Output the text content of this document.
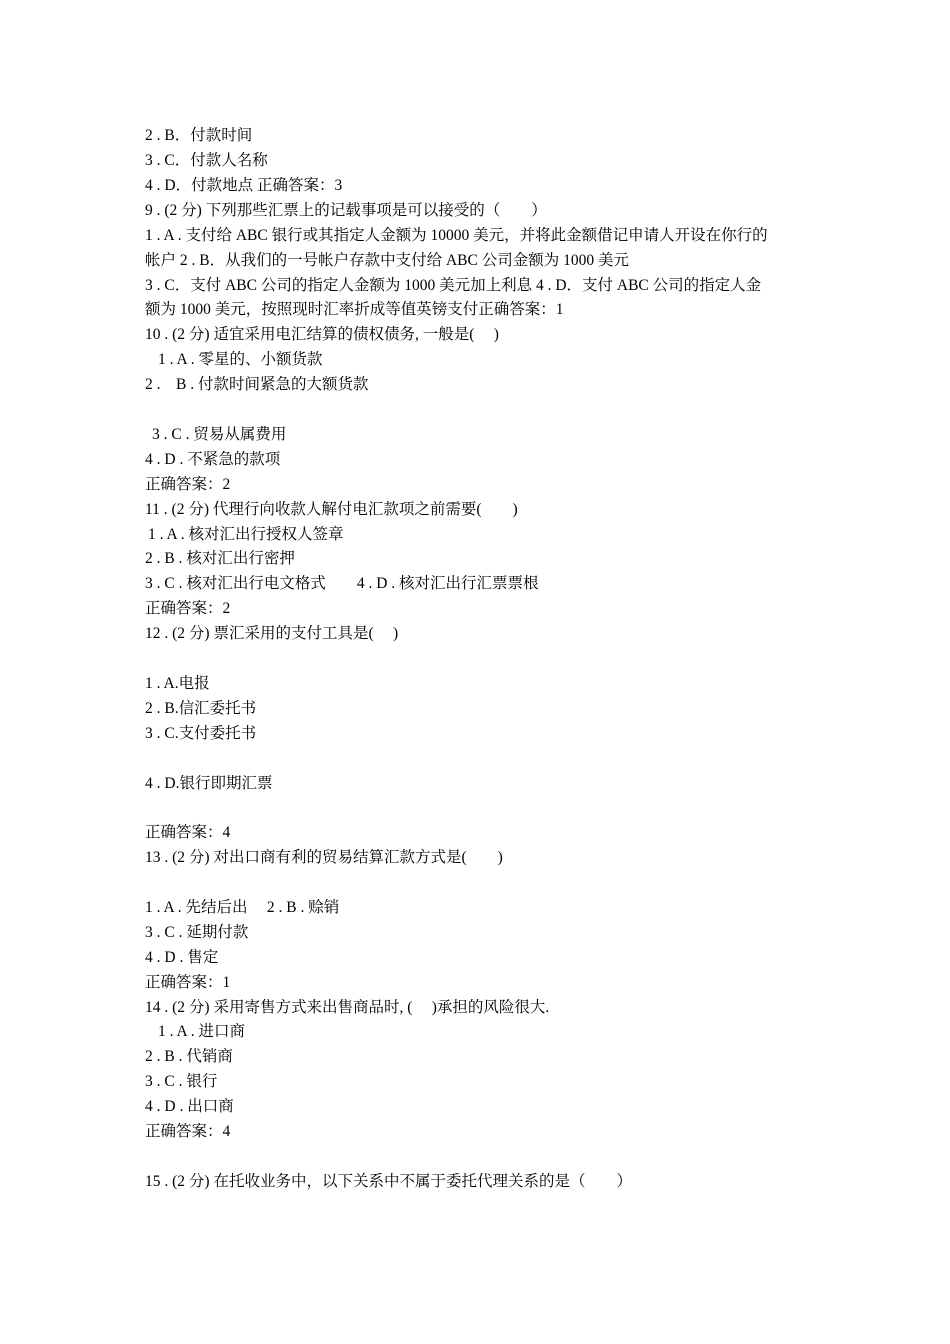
2 . B．付款时间

3 . C．付款人名称

4 . D．付款地点 正确答案：3

9 . (2 分) 下列那些汇票上的记载事项是可以接受的（　　）

1 . A . 支付给 ABC 银行或其指定人金额为 10000 美元，并将此金额借记申请人开设在你行的

帐户 2 . B．从我们的一号帐户存款中支付给 ABC 公司金额为 1000 美元

3 . C．支付 ABC 公司的指定人金额为 1000 美元加上利息 4 . D．支付 ABC 公司的指定人金

额为 1000 美元，按照现时汇率折成等值英镑支付正确答案：1

10 . (2 分) 适宜采用电汇结算的债权债务, 一般是(　 )

1 . A . 零星的、小额货款

2 .　B . 付款时间紧急的大额货款

3 . C . 贸易从属费用

4 . D . 不紧急的款项

正确答案：2

11 . (2 分) 代理行向收款人解付电汇款项之前需要(　　)

1 . A . 核对汇出行授权人签章

2 . B . 核对汇出行密押

3 . C . 核对汇出行电文格式　　4 . D . 核对汇出行汇票票根

正确答案：2

12 . (2 分) 票汇采用的支付工具是(　 )

1 . A.电报

2 . B.信汇委托书

3 . C.支付委托书

4 . D.银行即期汇票

正确答案：4

13 . (2 分) 对出口商有利的贸易结算汇款方式是(　　)

1 . A . 先结后出　 2 . B . 赊销

3 . C . 延期付款

4 . D . 售定

正确答案：1

14 . (2 分) 采用寄售方式来出售商品时, (　 )承担的风险很大.

1 . A . 进口商

2 . B . 代销商

3 . C . 银行

4 . D . 出口商

正确答案：4

15 . (2 分) 在托收业务中，以下关系中不属于委托代理关系的是（　　）
